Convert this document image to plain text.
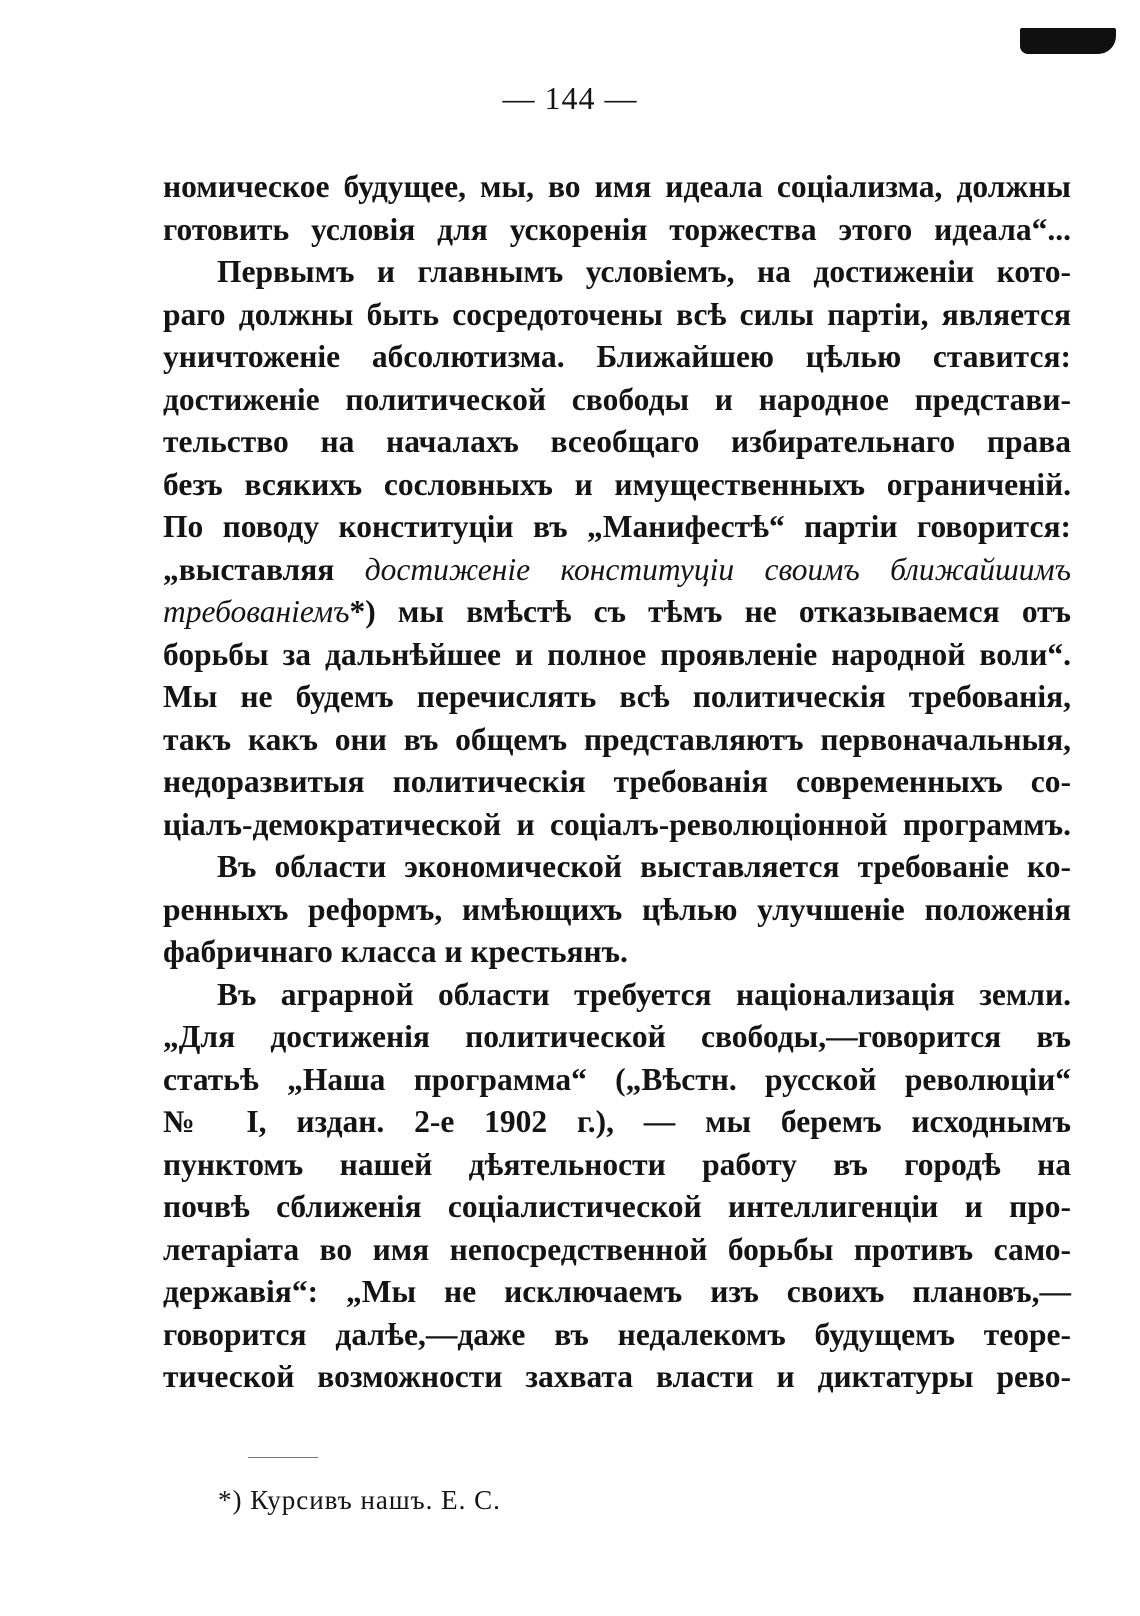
— 144 —
номическое будущее, мы, во имя идеала соціализма, должны
готовить условія для ускоренія торжества этого идеала“...
Первымъ и главнымъ условіемъ, на достиженіи кото-
раго должны быть сосредоточены всѣ силы партіи, является
уничтоженіе абсолютизма. Ближайшею цѣлью ставится:
достиженіе политической свободы и народное представи-
тельство на началахъ всеобщаго избирательнаго права
безъ всякихъ сословныхъ и имущественныхъ ограниченій.
По поводу конституціи въ „Манифестѣ“ партіи говорится:
„выставляя достиженіе конституціи своимъ ближайшимъ
требованіемъ*) мы вмѣстѣ съ тѣмъ не отказываемся отъ
борьбы за дальнѣйшее и полное проявленіе народной воли“.
Мы не будемъ перечислять всѣ политическія требованія,
такъ какъ они въ общемъ представляютъ первоначальныя,
недоразвитыя политическія требованія современныхъ со-
ціалъ-демократической и соціалъ-революціонной программъ.
Въ области экономической выставляется требованіе ко-
ренныхъ реформъ, имѣющихъ цѣлью улучшеніе положенія
фабричнаго класса и крестьянъ.
Въ аграрной области требуется націонализація земли.
„Для достиженія политической свободы,—говорится въ
статьѣ „Наша программа“ („Вѣстн. русской революціи“
№ I, издан. 2-е 1902 г.), — мы беремъ исходнымъ
пунктомъ нашей дѣятельности работу въ городѣ на
почвѣ сближенія соціалистической интеллигенціи и про-
летаріата во имя непосредственной борьбы противъ само-
державія“: „Мы не исключаемъ изъ своихъ плановъ,—
говорится далѣе,—даже въ недалекомъ будущемъ теоре-
тической возможности захвата власти и диктатуры рево-
*) Курсивъ нашъ. Е. С.
